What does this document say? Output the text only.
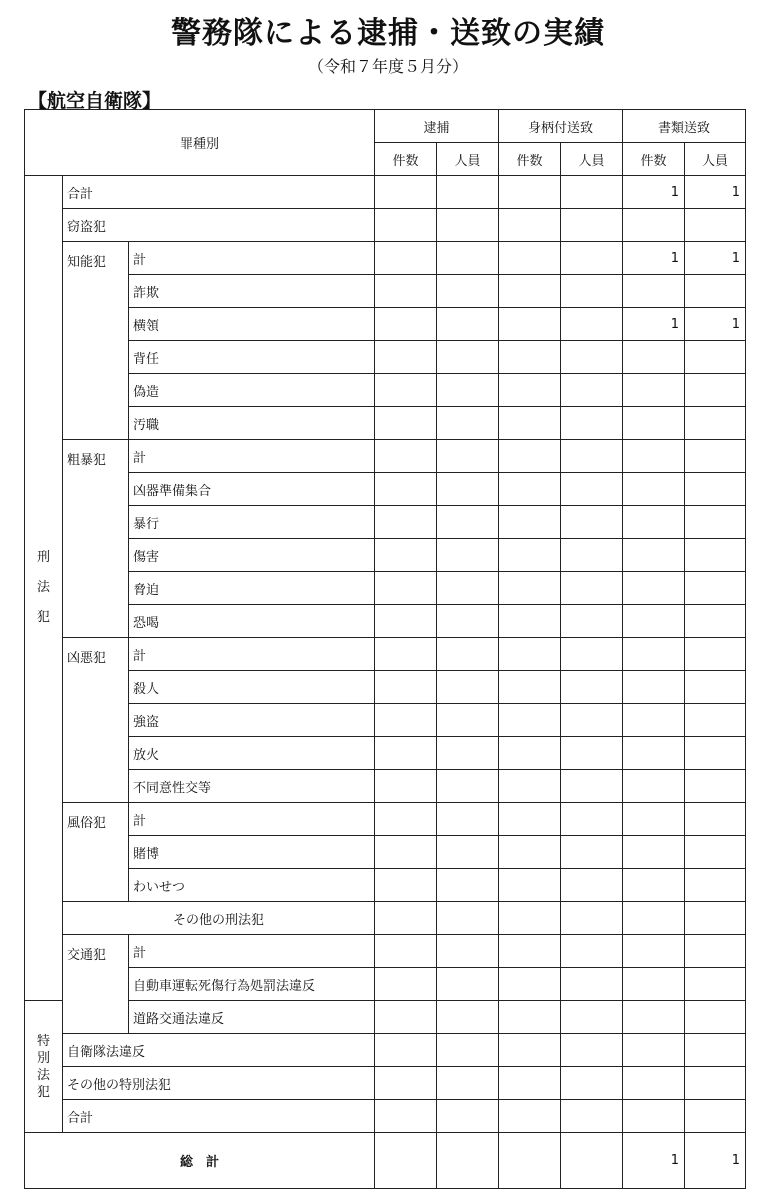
警務隊による逮捕・送致の実績
（令和７年度５月分）
【航空自衛隊】
罪種別			逮捕		身柄付送致		書類送致	
			件数	人員	件数	人員	件数	人員
刑
法
犯	合計						1	1
	窃盗犯							
	知能犯	計					1	1
		詐欺						
		横領					1	1
		背任						
		偽造						
		汚職						
	粗暴犯	計						
		凶器準備集合						
		暴行						
		傷害						
		脅迫						
		恐喝						
	凶悪犯	計						
		殺人						
		強盗						
		放火						
		不同意性交等						
	風俗犯	計						
		賭博						
		わいせつ						
	その他の刑法犯							
	交通犯	計						
		自動車運転死傷行為処罰法違反						
特
別
法
犯		道路交通法違反						
	自衛隊法違反							
	その他の特別法犯							
	合計							
総　計							1	1
